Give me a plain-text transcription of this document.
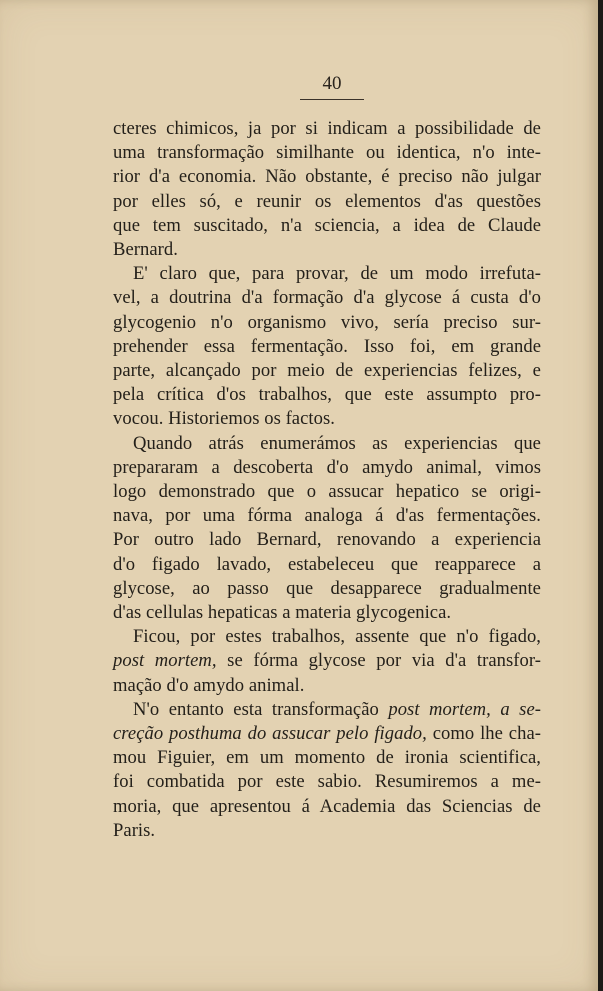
40

cteres chimicos, ja por si indicam a possibilidade de
uma transformação similhante ou identica, n'o inte-
rior d'a economia. Não obstante, é preciso não julgar
por elles só, e reunir os elementos d'as questões
que tem suscitado, n'a sciencia, a idea de Claude
Bernard.

E' claro que, para provar, de um modo irrefuta-
vel, a doutrina d'a formação d'a glycose á custa d'o
glycogenio n'o organismo vivo, sería preciso sur-
prehender essa fermentação. Isso foi, em grande
parte, alcançado por meio de experiencias felizes, e
pela crítica d'os trabalhos, que este assumpto pro-
vocou. Historiemos os factos.

Quando atrás enumerámos as experiencias que
prepararam a descoberta d'o amydo animal, vimos
logo demonstrado que o assucar hepatico se origi-
nava, por uma fórma analoga á d'as fermentações.
Por outro lado Bernard, renovando a experiencia
d'o figado lavado, estabeleceu que reapparece a
glycose, ao passo que desapparece gradualmente
d'as cellulas hepaticas a materia glycogenica.

Ficou, por estes trabalhos, assente que n'o figado,
post mortem, se fórma glycose por via d'a transfor-
mação d'o amydo animal.

N'o entanto esta transformação post mortem, a se-
creção posthuma do assucar pelo figado, como lhe cha-
mou Figuier, em um momento de ironia scientifica,
foi combatida por este sabio. Resumiremos a me-
moria, que apresentou á Academia das Sciencias de
Paris.
